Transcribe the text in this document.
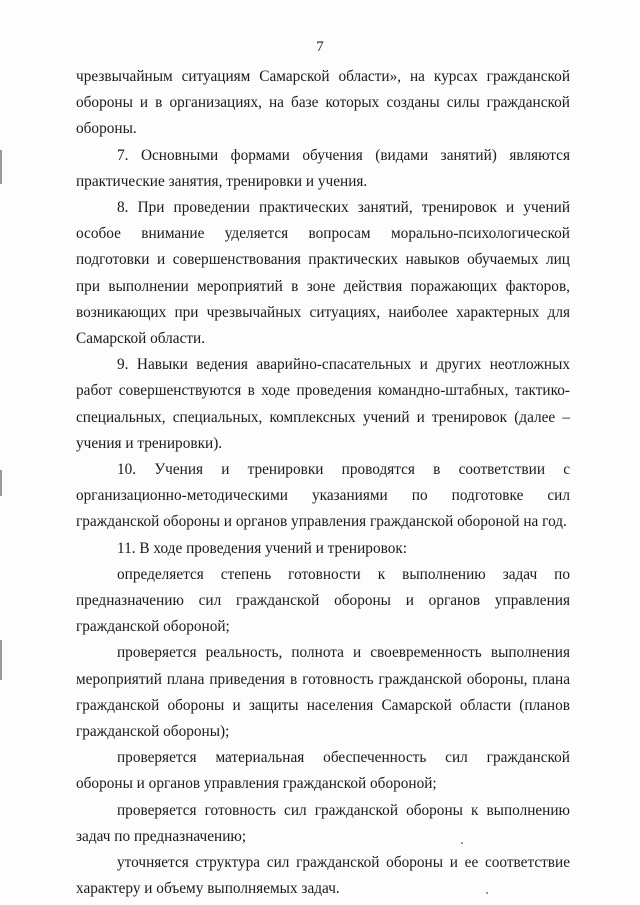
7

чрезвычайным ситуациям Самарской области», на курсах гражданской обороны и в организациях, на базе которых созданы силы гражданской обороны.

7. Основными формами обучения (видами занятий) являются практические занятия, тренировки и учения.

8. При проведении практических занятий, тренировок и учений особое внимание уделяется вопросам морально-психологической подготовки и совершенствования практических навыков обучаемых лиц при выполнении мероприятий в зоне действия поражающих факторов, возникающих при чрезвычайных ситуациях, наиболее характерных для Самарской области.

9. Навыки ведения аварийно-спасательных и других неотложных работ совершенствуются в ходе проведения командно-штабных, тактико-специальных, специальных, комплексных учений и тренировок (далее – учения и тренировки).

10. Учения и тренировки проводятся в соответствии с организационно-методическими указаниями по подготовке сил гражданской обороны и органов управления гражданской обороной на год.

11. В ходе проведения учений и тренировок:

определяется степень готовности к выполнению задач по предназначению сил гражданской обороны и органов управления гражданской обороной;

проверяется реальность, полнота и своевременность выполнения мероприятий плана приведения в готовность гражданской обороны, плана гражданской обороны и защиты населения Самарской области (планов гражданской обороны);

проверяется материальная обеспеченность сил гражданской обороны и органов управления гражданской обороной;

проверяется готовность сил гражданской обороны к выполнению задач по предназначению;

уточняется структура сил гражданской обороны и ее соответствие характеру и объему выполняемых задач.
